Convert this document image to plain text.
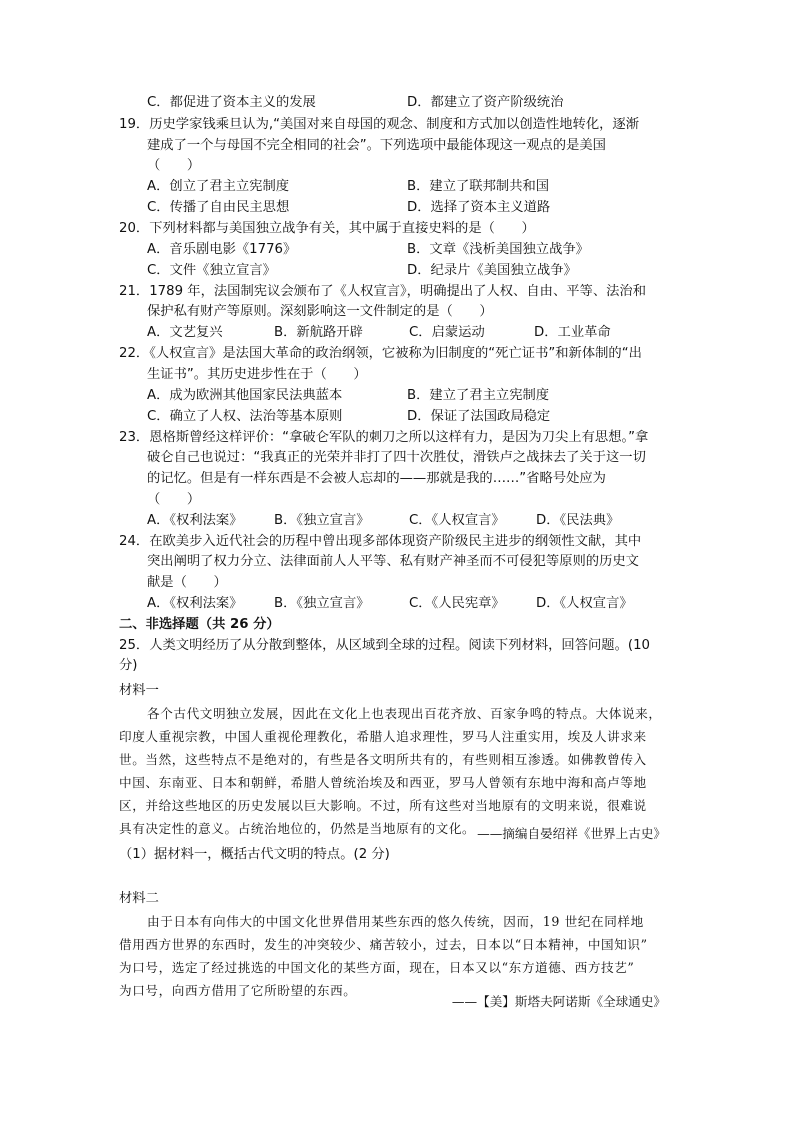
C．都促进了资本主义的发展	D．都建立了资产阶级统治
19．历史学家钱乘旦认为,“美国对来自母国的观念、制度和方式加以创造性地转化，逐渐
建成了一个与母国不完全相同的社会”。下列选项中最能体现这一观点的是美国
（　　）
A．创立了君主立宪制度	B．建立了联邦制共和国
C．传播了自由民主思想	D．选择了资本主义道路
20．下列材料都与美国独立战争有关，其中属于直接史料的是（　　）
A．音乐剧电影《1776》	B．文章《浅析美国独立战争》
C．文件《独立宣言》	D．纪录片《美国独立战争》
21．1789 年，法国制宪议会颁布了《人权宣言》，明确提出了人权、自由、平等、法治和
保护私有财产等原则。深刻影响这一文件制定的是（　　）
A．文艺复兴	B．新航路开辟	C．启蒙运动	D．工业革命
22．《人权宣言》是法国大革命的政治纲领，它被称为旧制度的“死亡证书”和新体制的“出
生证书”。其历史进步性在于（　　）
A．成为欧洲其他国家民法典蓝本	B．建立了君主立宪制度
C．确立了人权、法治等基本原则	D．保证了法国政局稳定
23．恩格斯曾经这样评价：“拿破仑军队的刺刀之所以这样有力，是因为刀尖上有思想。”拿
破仑自己也说过：“我真正的光荣并非打了四十次胜仗，滑铁卢之战抹去了关于这一切
的记忆。但是有一样东西是不会被人忘却的——那就是我的……”省略号处应为
（　　）
A．《权利法案》 B．《独立宣言》	C．《人权宣言》 D．《民法典》
24．在欧美步入近代社会的历程中曾出现多部体现资产阶级民主进步的纲领性文献，其中
突出阐明了权力分立、法律面前人人平等、私有财产神圣而不可侵犯等原则的历史文
献是（　　）
A．《权利法案》 B．《独立宣言》	C．《人民宪章》 D．《人权宣言》
二、非选择题（共 26 分）
25．人类文明经历了从分散到整体，从区域到全球的过程。阅读下列材料，回答问题。(10
分)
材料一
各个古代文明独立发展，因此在文化上也表现出百花齐放、百家争鸣的特点。大体说来，
印度人重视宗教，中国人重视伦理教化，希腊人追求理性，罗马人注重实用，埃及人讲求来
世。当然，这些特点不是绝对的，有些是各文明所共有的，有些则相互渗透。如佛教曾传入
中国、东南亚、日本和朝鲜，希腊人曾统治埃及和西亚，罗马人曾领有东地中海和高卢等地
区，并给这些地区的历史发展以巨大影响。不过，所有这些对当地原有的文明来说，很难说
具有决定性的意义。占统治地位的，仍然是当地原有的文化。 ——摘编自晏绍祥《世界上古史》
（1）据材料一，概括古代文明的特点。(2 分)
材料二
由于日本有向伟大的中国文化世界借用某些东西的悠久传统，因而，19 世纪在同样地
借用西方世界的东西时，发生的冲突较少、痛苦较小，过去，日本以“日本精神，中国知识”
为口号，选定了经过挑选的中国文化的某些方面，现在，日本又以“东方道德、西方技艺”
为口号，向西方借用了它所盼望的东西。
——【美】斯塔夫阿诺斯《全球通史》
